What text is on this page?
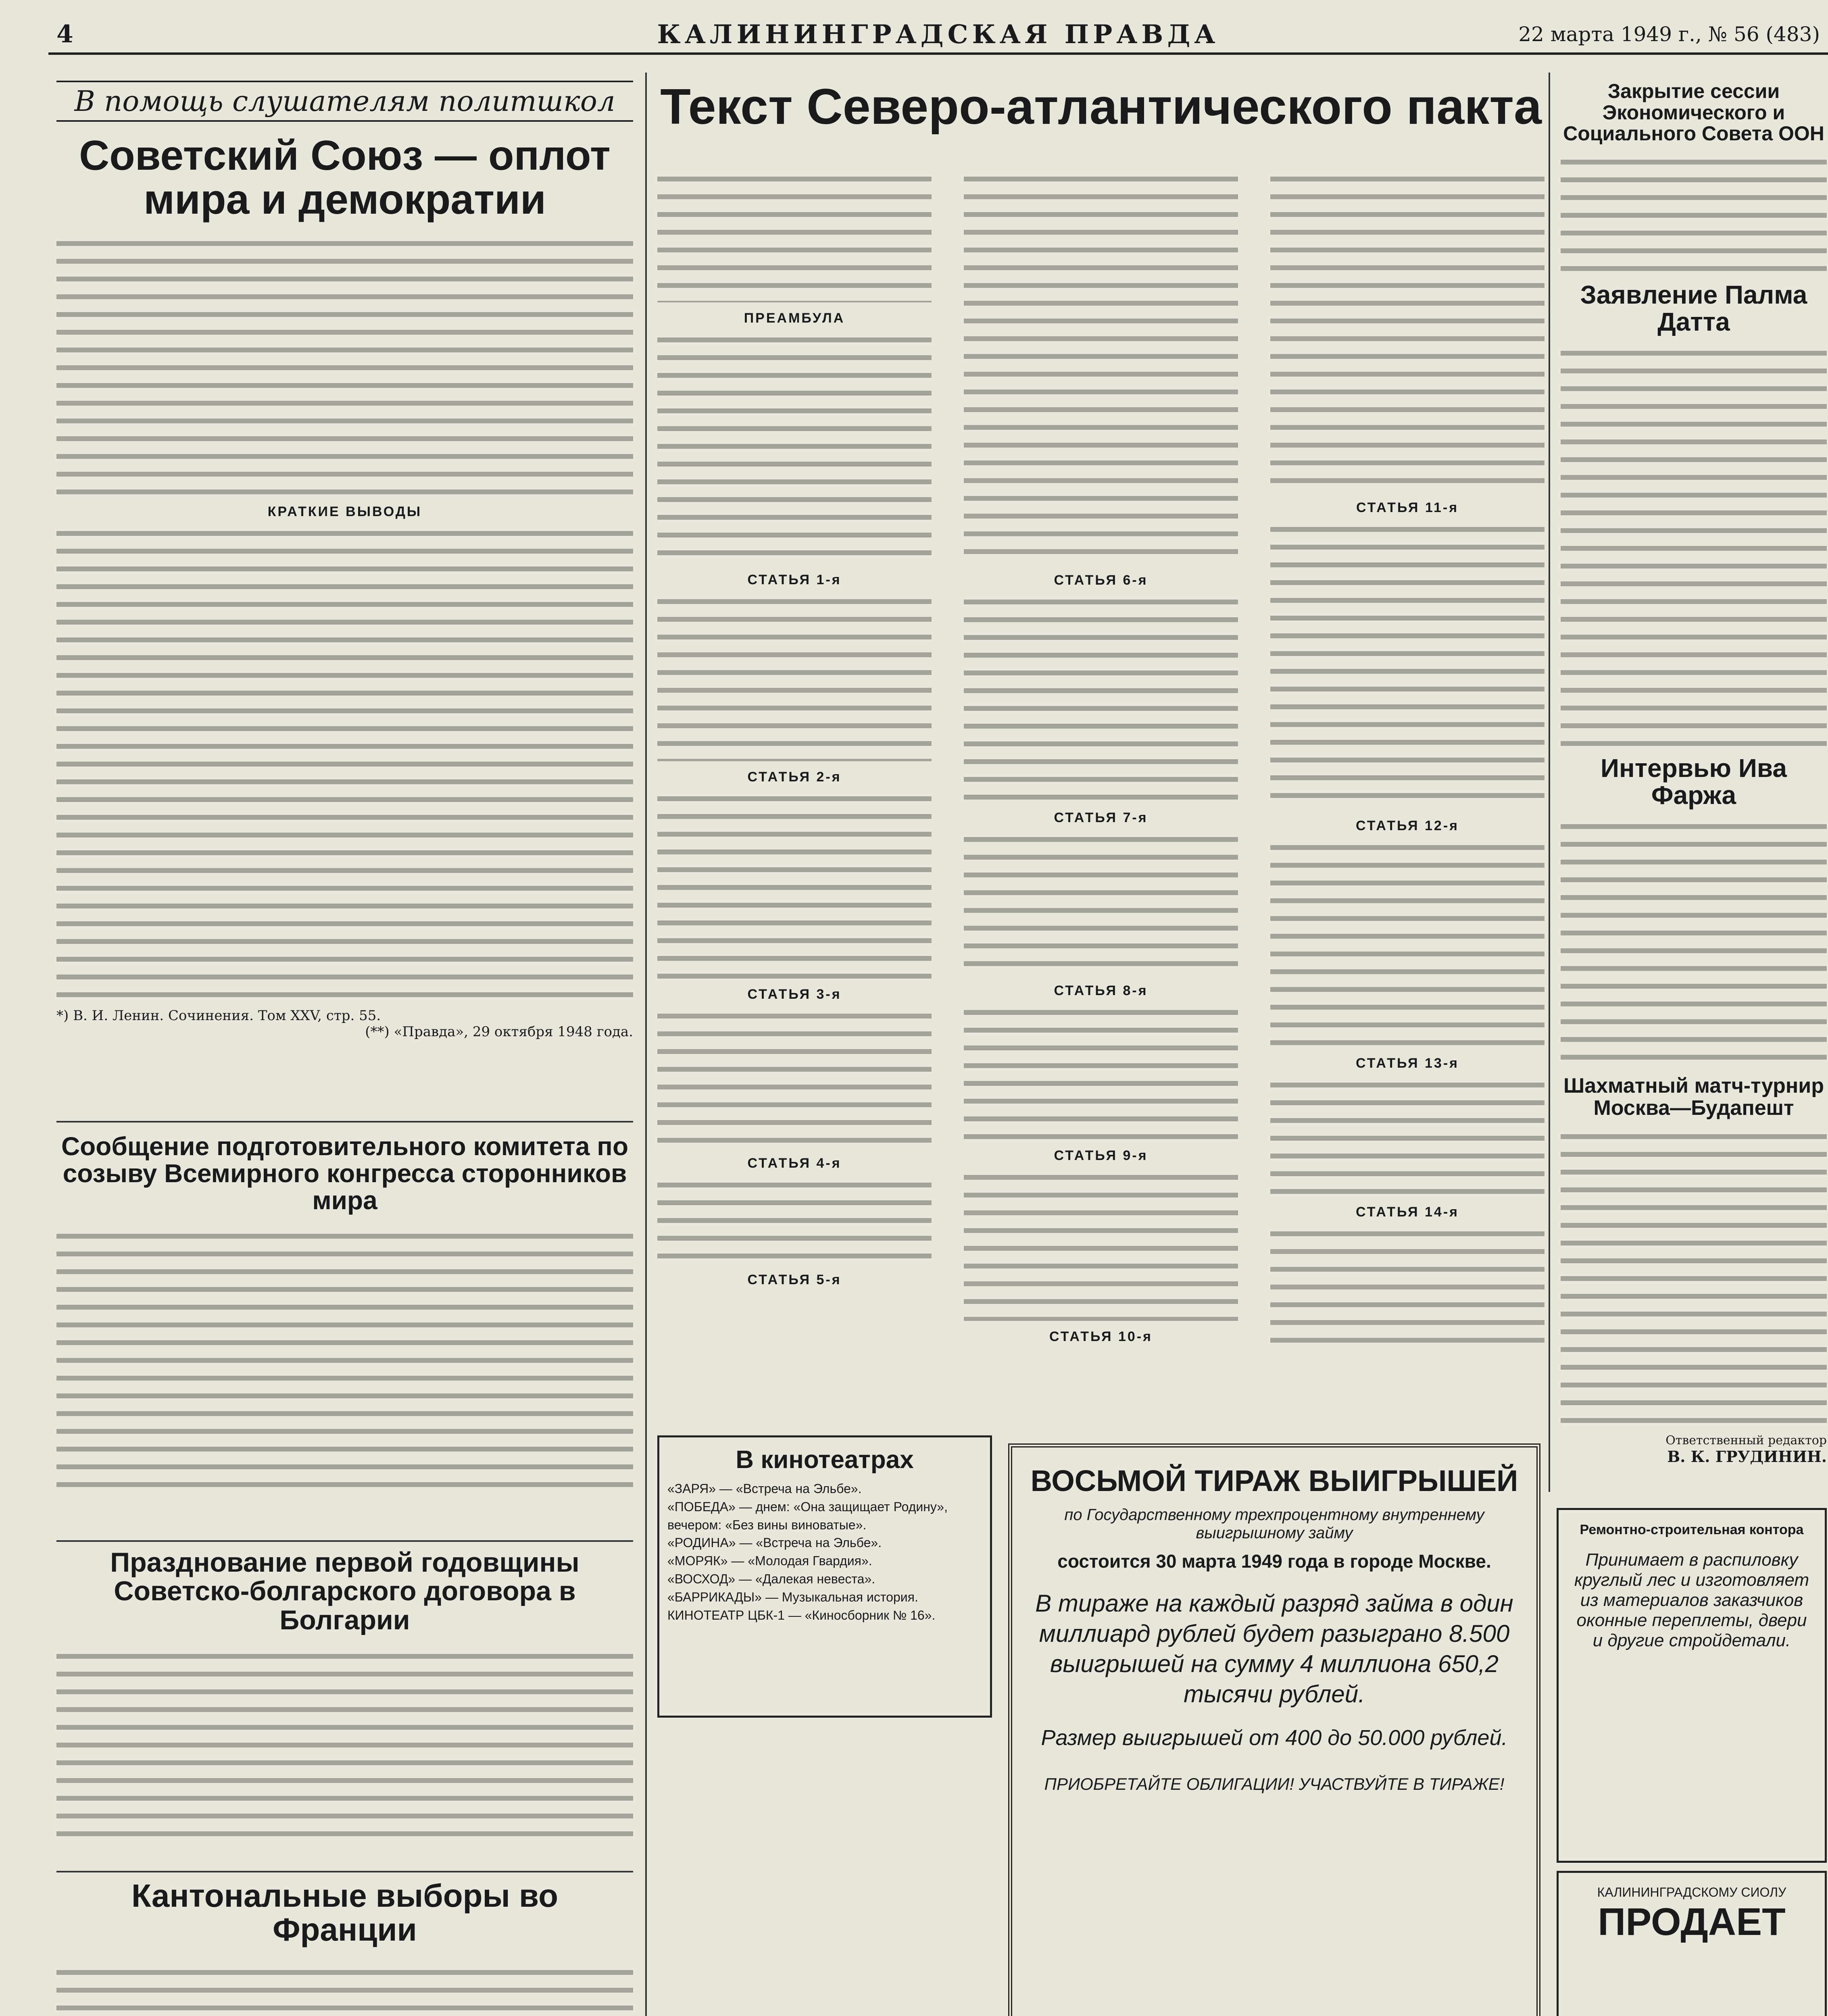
4	КАЛИНИНГРАДСКАЯ ПРАВДА	22 марта 1949 г., № 56 (483)
В помощь слушателям политшкол
Советский Союз — оплот мира и демократии
КРАТКИЕ ВЫВОДЫ
*) В. И. Ленин. Сочинения. Том XXV, стр. 55.
(**) «Правда», 29 октября 1948 года.
Сообщение подготовительного комитета по созыву Всемирного конгресса сторонников мира
Празднование первой годовщины Советско-болгарского договора в Болгарии
Кантональные выборы во Франции
Текст Северо-атлантического пакта
ПРЕАМБУЛА
СТАТЬЯ 1-я
СТАТЬЯ 2-я
СТАТЬЯ 3-я
СТАТЬЯ 4-я
СТАТЬЯ 5-я
СТАТЬЯ 6-я
СТАТЬЯ 7-я
СТАТЬЯ 8-я
СТАТЬЯ 9-я
СТАТЬЯ 10-я
СТАТЬЯ 11-я
СТАТЬЯ 12-я
СТАТЬЯ 13-я
СТАТЬЯ 14-я
Закрытие сессии Экономического и Социального Совета ООН
Заявление Палма Датта
Интервью Ива Фаржа
Шахматный матч-турнир Москва—Будапешт
Ответственный редактор
В. К. ГРУДИНИН.
В кинотеатрах
«ЗАРЯ» — «Встреча на Эльбе».
«ПОБЕДА» — днем: «Она защищает Родину», вечером: «Без вины виноватые».
«РОДИНА» — «Встреча на Эльбе».
«МОРЯК» — «Молодая Гвардия».
«ВОСХОД» — «Далекая невеста».
«БАРРИКАДЫ» — Музыкальная история.
КИНОТЕАТР ЦБК-1 — «Киносборник № 16».
ВОСЬМОЙ ТИРАЖ ВЫИГРЫШЕЙ
по Государственному трехпроцентному внутреннему выигрышному займу
состоится 30 марта 1949 года в городе Москве.
В тираже на каждый разряд займа в один миллиард рублей будет разыграно 8.500 выигрышей на сумму 4 миллиона 650,2 тысячи рублей.
Размер выигрышей от 400 до 50.000 рублей.
ПРИОБРЕТАЙТЕ ОБЛИГАЦИИ! УЧАСТВУЙТЕ В ТИРАЖЕ!
Ремонтно-строительная контора
Принимает в распиловку круглый лес и изготовляет из материалов заказчиков оконные переплеты, двери и другие стройдетали.
КАЛИНИНГРАДСКОМУ СИОЛУ
ПРОДАЕТ
